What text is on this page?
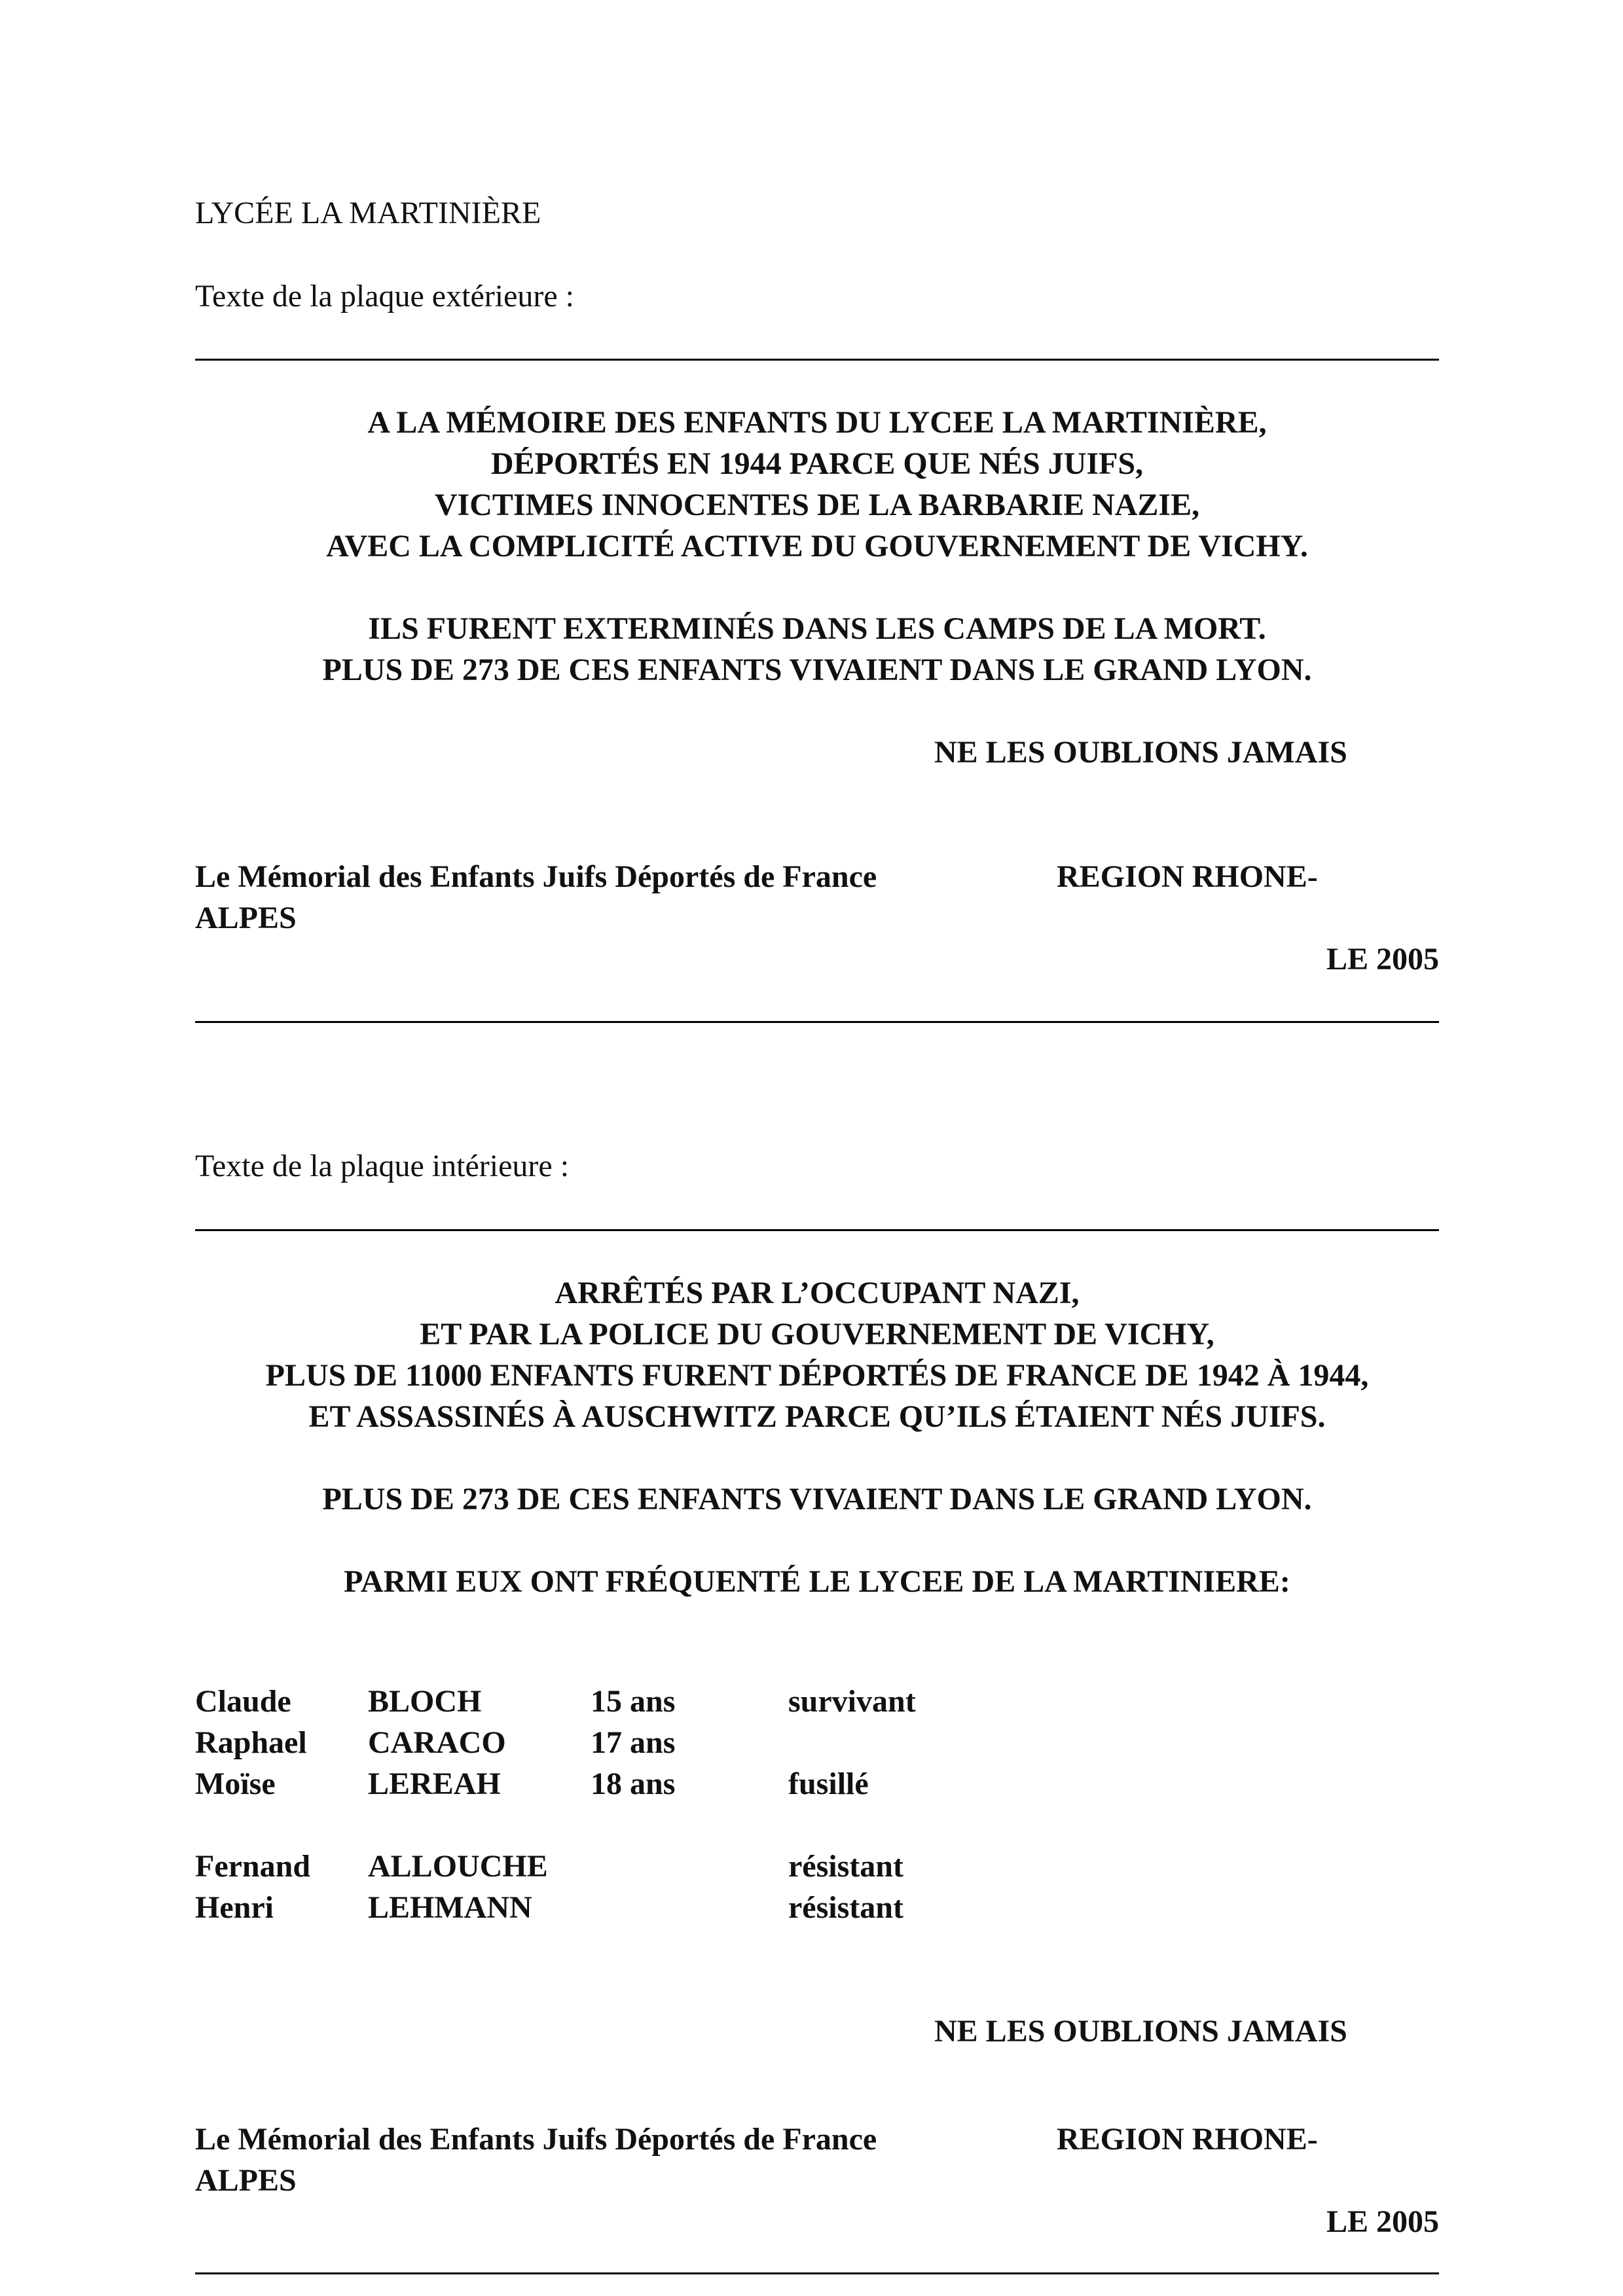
LYCÉE LA MARTINIÈRE
Texte de la plaque extérieure :
A LA MÉMOIRE DES ENFANTS DU LYCEE LA MARTINIÈRE,
DÉPORTÉS EN 1944 PARCE QUE NÉS JUIFS,
VICTIMES INNOCENTES DE LA BARBARIE NAZIE,
AVEC LA COMPLICITÉ ACTIVE DU GOUVERNEMENT DE VICHY.
ILS FURENT EXTERMINÉS DANS LES CAMPS DE LA MORT.
PLUS DE 273 DE CES ENFANTS VIVAIENT DANS LE GRAND LYON.
NE LES OUBLIONS JAMAIS
Le Mémorial des Enfants Juifs Déportés de France	REGION RHONE-
ALPES
LE 2005
Texte de la plaque intérieure :
ARRÊTÉS PAR L’OCCUPANT NAZI,
ET PAR LA POLICE DU GOUVERNEMENT DE VICHY,
PLUS DE 11000 ENFANTS FURENT DÉPORTÉS DE FRANCE DE 1942 À 1944,
ET ASSASSINÉS À AUSCHWITZ PARCE QU’ILS ÉTAIENT NÉS JUIFS.
PLUS DE 273 DE CES ENFANTS VIVAIENT DANS LE GRAND LYON.
PARMI EUX ONT FRÉQUENTÉ LE LYCEE DE LA MARTINIERE:
Claude BLOCH	15 ans	survivant
Raphael CARACO	17 ans
Moïse	LEREAH	18 ans	fusillé
Fernand ALLOUCHE	résistant
Henri	LEHMANN	résistant
NE LES OUBLIONS JAMAIS
Le Mémorial des Enfants Juifs Déportés de France	REGION RHONE-
ALPES
LE 2005
